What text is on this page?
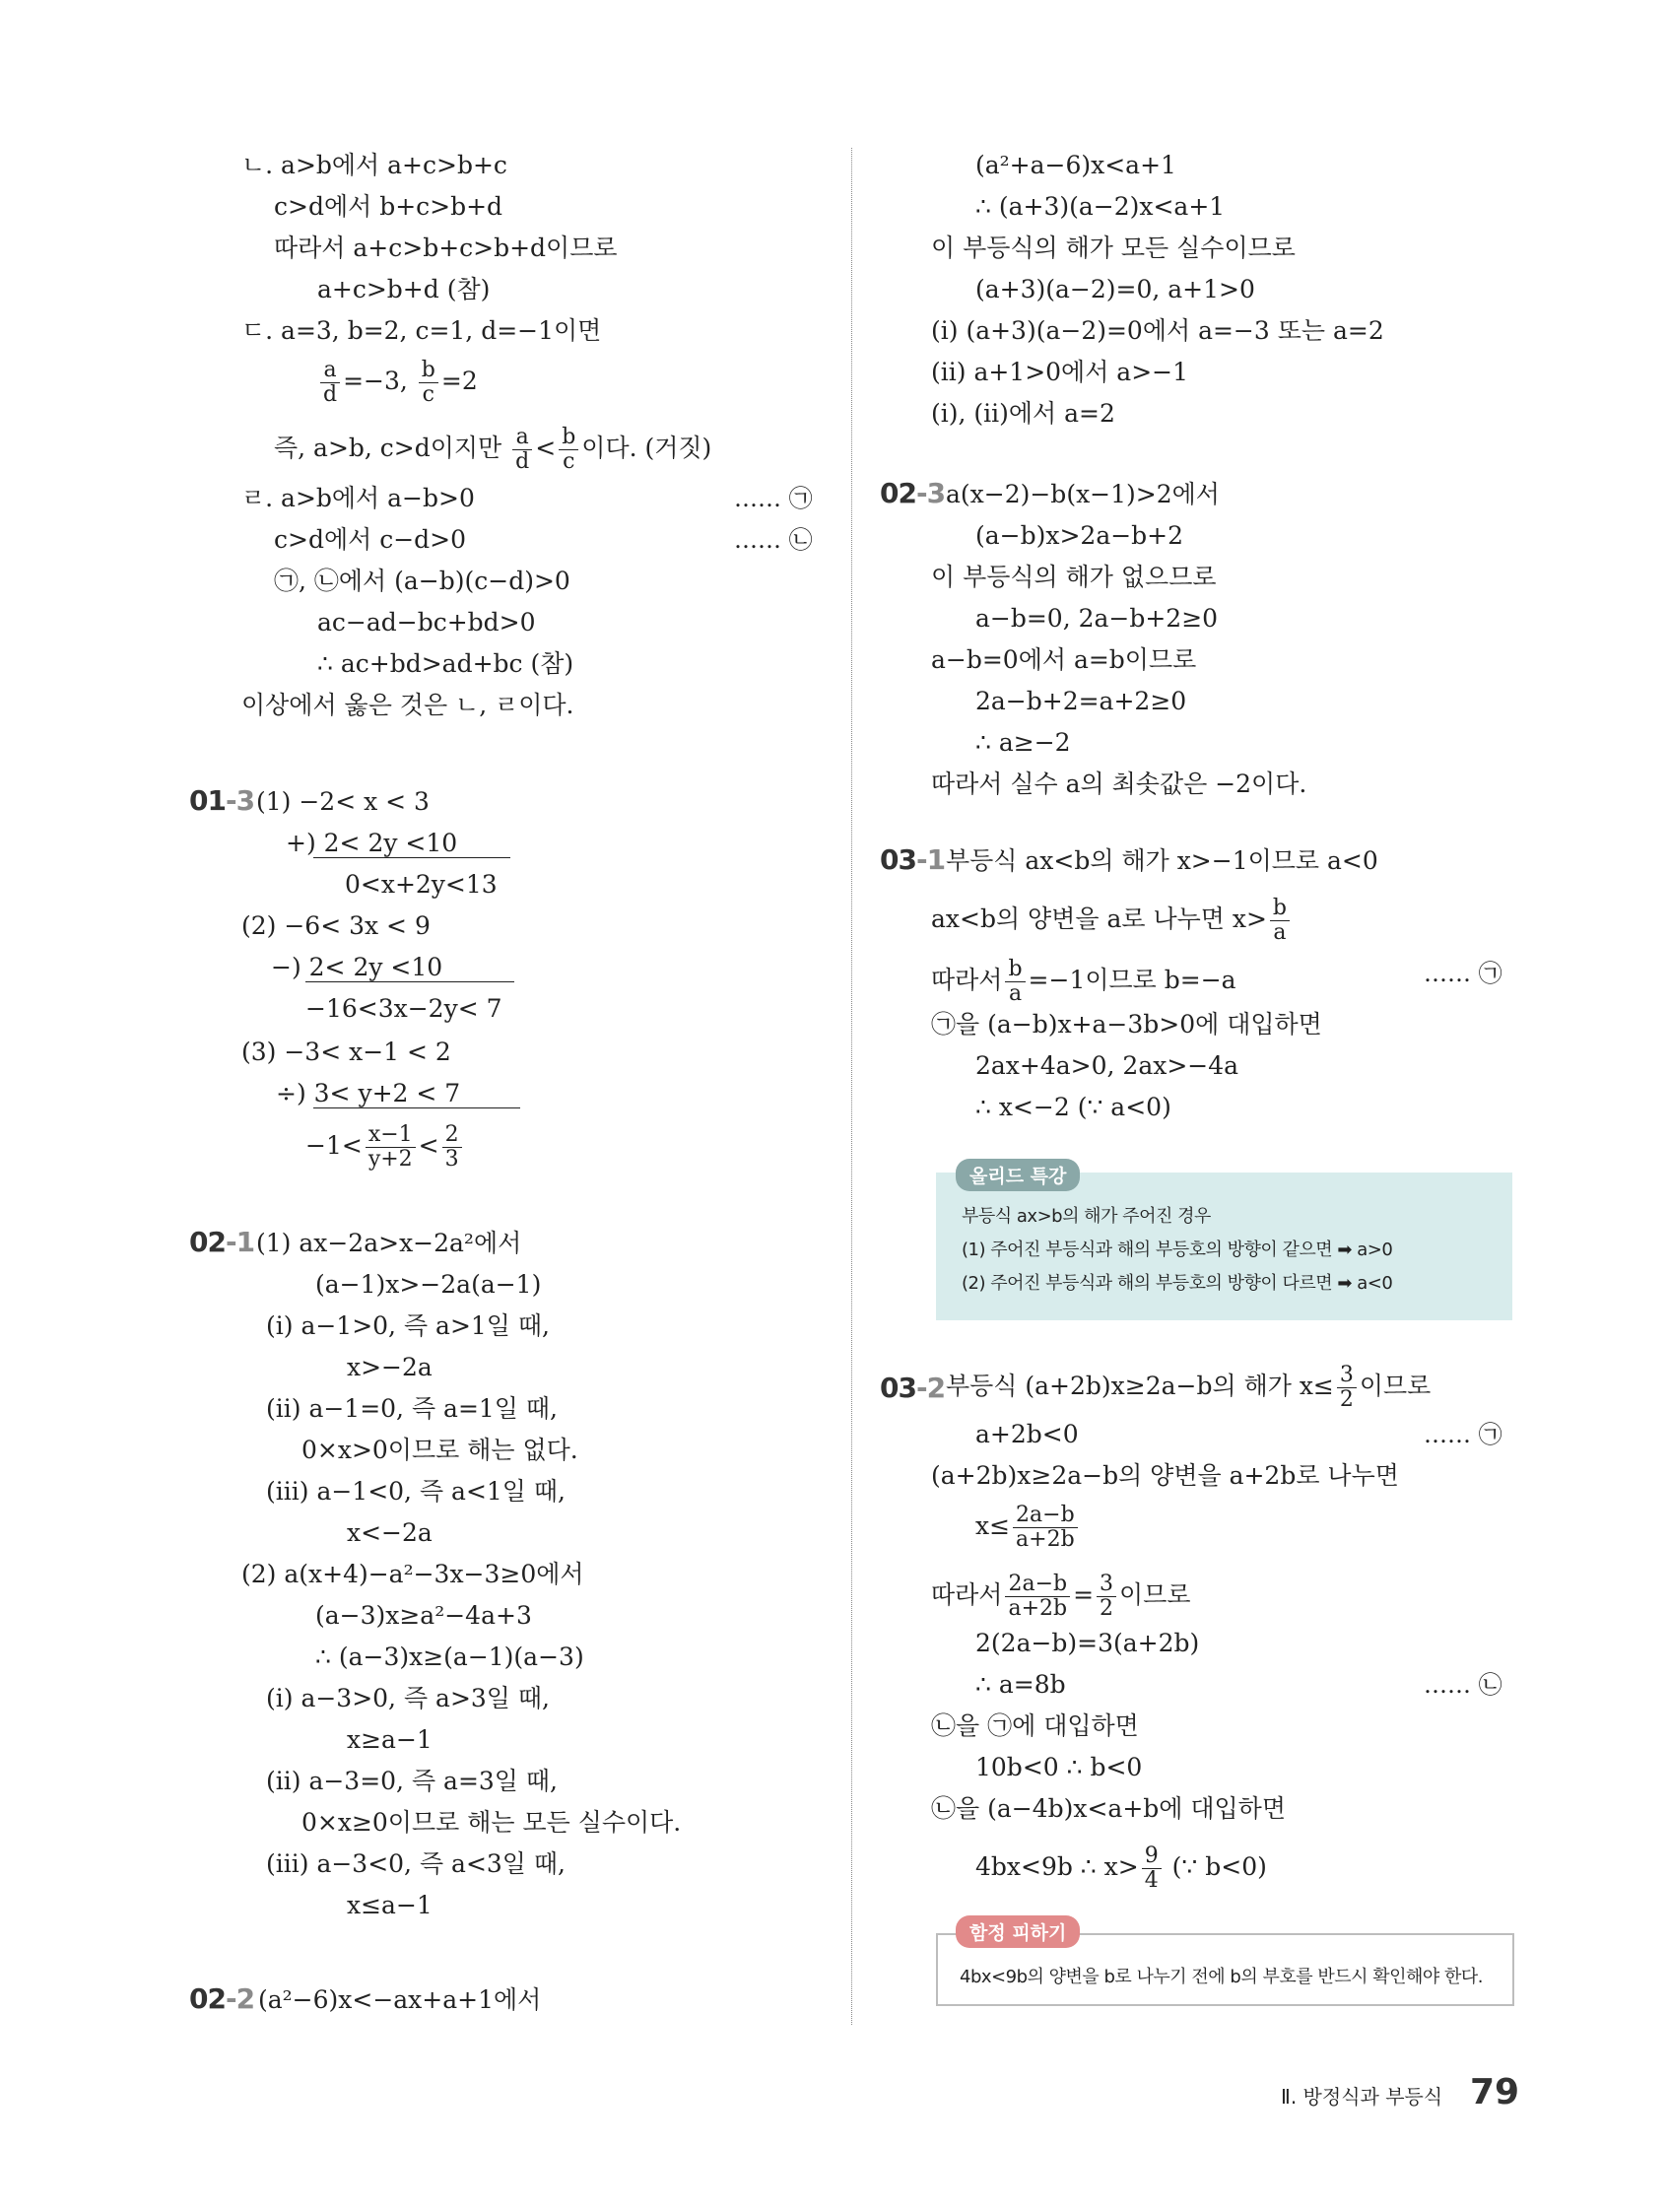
ㄴ. a>b에서 a+c>b+c
c>d에서 b+c>b+d
따라서 a+c>b+c>b+d이므로
a+c>b+d (참)
ㄷ. a=3, b=2, c=1, d=−1이면
$\frac{a}{d} =-3$, $\frac{b}{c} =2$
즉, a>b, c>d이지만 $\frac{a}{d} < \frac{b}{c}$ 이다. (거짓)
ㄹ. a>b에서 a−b>0	…… ㉠
c>d에서 c−d>0	…… ㉡
㉠, ㉡에서 (a−b)(c−d)>0
ac−ad−bc+bd>0
∴ ac+bd>ad+bc (참)
이상에서 옳은 것은 ㄴ, ㄹ이다.
01-3 (1) −2< x < 3
+) 2< 2y <10
0<x+2y<13
(2) −6< 3x < 9
−) 2< 2y <10
−16<3x−2y< 7
(3) −3< x−1 < 2
÷) 3< y+2 < 7
$-1< \frac{x-1}{y+2} < \frac{2}{3}$
02-1 (1) ax−2a>x−2a²에서
(a−1)x>−2a(a−1)
(i) a−1>0, 즉 a>1일 때,
x>−2a
(ii) a−1=0, 즉 a=1일 때,
0×x>0이므로 해는 없다.
(iii) a−1<0, 즉 a<1일 때,
x<−2a
(2) a(x+4)−a²−3x−3≥0에서
(a−3)x≥a²−4a+3
∴ (a−3)x≥(a−1)(a−3)
(i) a−3>0, 즉 a>3일 때,
x≥a−1
(ii) a−3=0, 즉 a=3일 때,
0×x≥0이므로 해는 모든 실수이다.
(iii) a−3<0, 즉 a<3일 때,
x≤a−1
02-2 (a²−6)x<−ax+a+1에서
(a²+a−6)x<a+1
∴ (a+3)(a−2)x<a+1
이 부등식의 해가 모든 실수이므로
(a+3)(a−2)=0, a+1>0
(i) (a+3)(a−2)=0에서 a=−3 또는 a=2
(ii) a+1>0에서 a>−1
(i), (ii)에서 a=2
02-3 a(x−2)−b(x−1)>2에서
(a−b)x>2a−b+2
이 부등식의 해가 없으므로
a−b=0, 2a−b+2≥0
a−b=0에서 a=b이므로
2a−b+2=a+2≥0
∴ a≥−2
따라서 실수 a의 최솟값은 −2이다.
03-1 부등식 ax<b의 해가 x>−1이므로 a<0
ax<b의 양변을 a로 나누면 $x> \frac{b}{a}$
따라서 $\frac{b}{a} =-1$이므로 b=−a	…… ㉠
㉠을 (a−b)x+a−3b>0에 대입하면
2ax+4a>0, 2ax>−4a
∴ x<−2 (∵ a<0)
올리드 특강
부등식 ax>b의 해가 주어진 경우
(1) 주어진 부등식과 해의 부등호의 방향이 같으면 ➡ a>0
(2) 주어진 부등식과 해의 부등호의 방향이 다르면 ➡ a<0
03-2 부등식 (a+2b)x≥2a−b의 해가 $x\le \frac{3}{2}$ 이므로
a+2b<0	…… ㉠
(a+2b)x≥2a−b의 양변을 a+2b로 나누면
$x\le \frac{2a-b}{a+2b}$
따라서 $\frac{2a-b}{a+2b} = \frac{3}{2}$ 이므로
2(2a−b)=3(a+2b)
∴ a=8b	…… ㉡
㉡을 ㉠에 대입하면
10b<0 ∴ b<0
㉡을 (a−4b)x<a+b에 대입하면
4bx<9b ∴ $x> \frac{9}{4}$ (∵ b<0)
함정 피하기
4bx<9b의 양변을 b로 나누기 전에 b의 부호를 반드시 확인해야 한다.
Ⅱ. 방정식과 부등식 79
